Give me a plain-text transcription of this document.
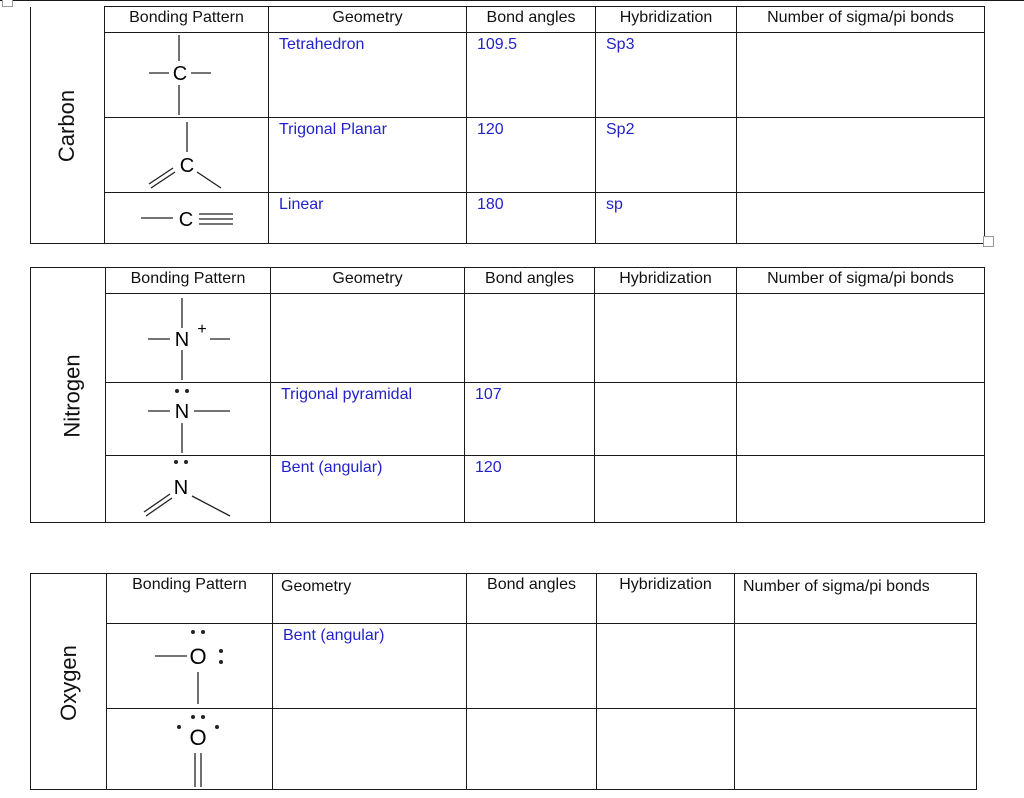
Carbon	Bonding Pattern	Geometry	Bond angles	Hybridization	Number of sigma/pi bonds

C	Tetrahedron	109.5	Sp3	

C	Trigonal Planar	120	Sp2	

C	Linear	180	sp	

Nitrogen	Bonding Pattern	Geometry	Bond angles	Hybridization	Number of sigma/pi bonds

N +				

N	Trigonal pyramidal	107		

N	Bent (angular)	120		

Oxygen	Bonding Pattern	Geometry	Bond angles	Hybridization	Number of sigma/pi bonds

O	Bent (angular)			

O				
